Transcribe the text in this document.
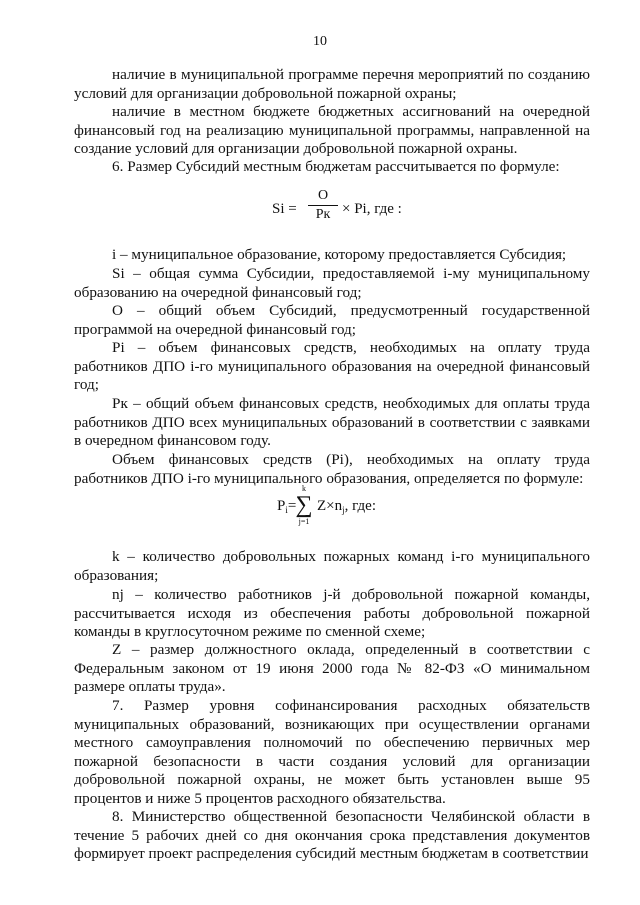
10

наличие в муниципальной программе перечня мероприятий по созданию условий для организации добровольной пожарной охраны;

наличие в местном бюджете бюджетных ассигнований на очередной финансовый год на реализацию муниципальной программы, направленной на создание условий для организации добровольной пожарной охраны.

6. Размер Субсидий местным бюджетам рассчитывается по формуле:

Si =
O
Pк × Pi, где :

i – муниципальное образование, которому предоставляется Субсидия;

Si – общая сумма Субсидии, предоставляемой i-му муниципальному образованию на очередной финансовый год;

О – общий объем Субсидий, предусмотренный государственной программой на очередной финансовый год;

Pi – объем финансовых средств, необходимых на оплату труда работников ДПО i-го муниципального образования на очередной финансовый год;

Рк – общий объем финансовых средств, необходимых для оплаты труда работников ДПО всех муниципальных образований в соответствии с заявками в очередном финансовом году.

Объем финансовых средств (Pi), необходимых на оплату труда работников ДПО i-го муниципального образования, определяется по формуле:

$P_i=$
k
∑
j=1
$Z\times n_j$, где:

k – количество добровольных пожарных команд i-го муниципального образования;

nj – количество работников j-й добровольной пожарной команды, рассчитывается исходя из обеспечения работы добровольной пожарной команды в круглосуточном режиме по сменной схеме;

Z – размер должностного оклада, определенный в соответствии с Федеральным законом от 19 июня 2000 года № 82-ФЗ «О минимальном размере оплаты труда».

7. Размер уровня софинансирования расходных обязательств муниципальных образований, возникающих при осуществлении органами местного самоуправления полномочий по обеспечению первичных мер пожарной безопасности в части создания условий для организации добровольной пожарной охраны, не может быть установлен выше 95 процентов и ниже 5 процентов расходного обязательства.

8. Министерство общественной безопасности Челябинской области в течение 5 рабочих дней со дня окончания срока представления документов формирует проект распределения субсидий местным бюджетам в соответствии
